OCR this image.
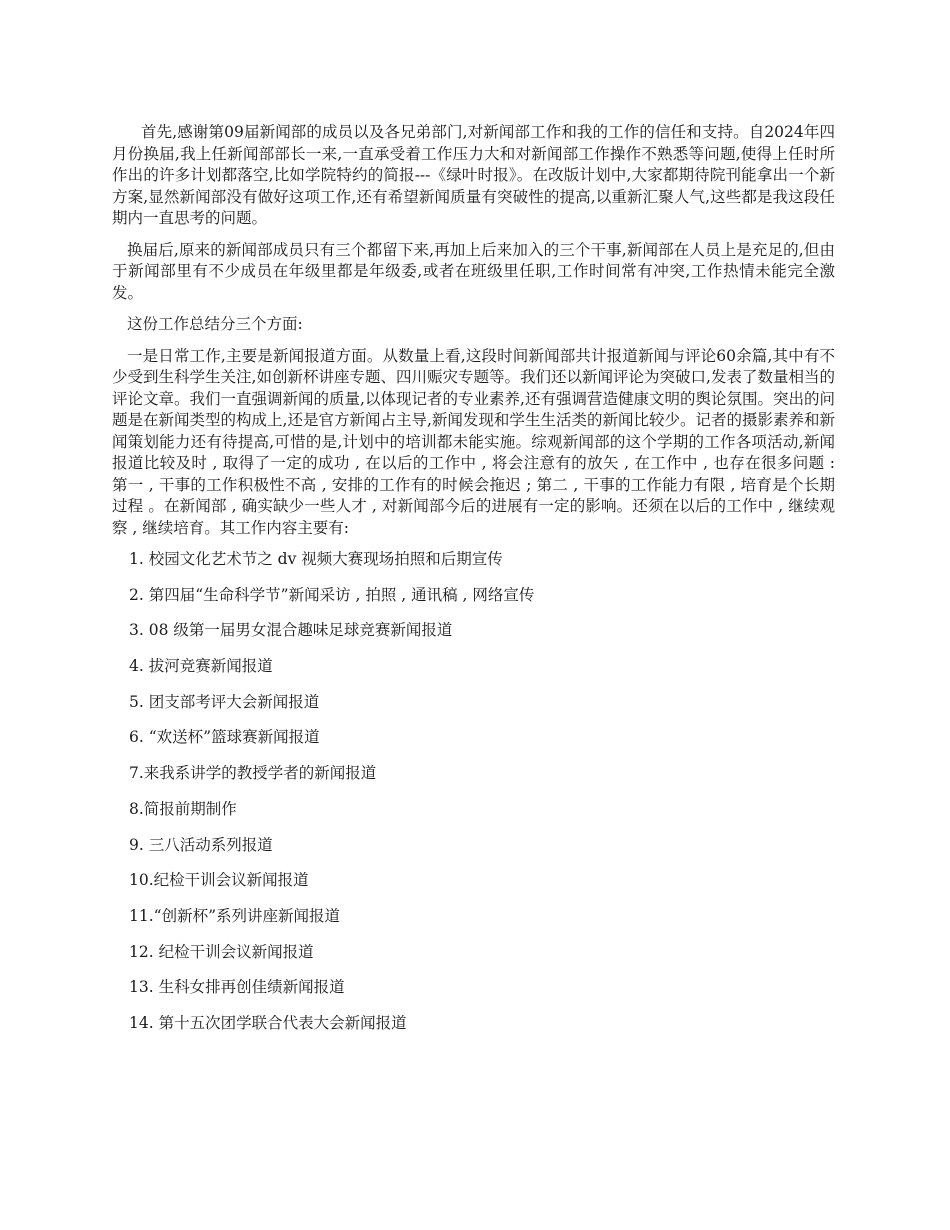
首先,感谢第09届新闻部的成员以及各兄弟部门,对新闻部工作和我的工作的信任和支持。自2024年四月份换届,我上任新闻部部长一来,一直承受着工作压力大和对新闻部工作操作不熟悉等问题,使得上任时所作出的许多计划都落空,比如学院特约的简报---《绿叶时报》。在改版计划中,大家都期待院刊能拿出一个新方案,显然新闻部没有做好这项工作,还有希望新闻质量有突破性的提高,以重新汇聚人气,这些都是我这段任期内一直思考的问题。

换届后,原来的新闻部成员只有三个都留下来,再加上后来加入的三个干事,新闻部在人员上是充足的,但由于新闻部里有不少成员在年级里都是年级委,或者在班级里任职,工作时间常有冲突,工作热情未能完全激发。

这份工作总结分三个方面:

一是日常工作,主要是新闻报道方面。从数量上看,这段时间新闻部共计报道新闻与评论60余篇,其中有不少受到生科学生关注,如创新杯讲座专题、四川赈灾专题等。我们还以新闻评论为突破口,发表了数量相当的评论文章。我们一直强调新闻的质量,以体现记者的专业素养,还有强调营造健康文明的舆论氛围。突出的问题是在新闻类型的构成上,还是官方新闻占主导,新闻发现和学生生活类的新闻比较少。记者的摄影素养和新闻策划能力还有待提高,可惜的是,计划中的培训都未能实施。综观新闻部的这个学期的工作各项活动,新闻报道比较及时 , 取得了一定的成功 , 在以后的工作中 , 将会注意有的放矢 , 在工作中 , 也存在很多问题 : 第一 , 干事的工作积极性不高 , 安排的工作有的时候会拖迟 ; 第二 , 干事的工作能力有限 , 培育是个长期过程 。在新闻部 , 确实缺少一些人才 , 对新闻部今后的进展有一定的影响。还须在以后的工作中 , 继续观察 , 继续培育。其工作内容主要有:

1. 校园文化艺术节之 dv 视频大赛现场拍照和后期宣传
2. 第四届“生命科学节”新闻采访 , 拍照 , 通讯稿 , 网络宣传
3. 08 级第一届男女混合趣味足球竞赛新闻报道
4. 拔河竞赛新闻报道
5. 团支部考评大会新闻报道
6. “欢送杯”篮球赛新闻报道
7.来我系讲学的教授学者的新闻报道
8.简报前期制作
9. 三八活动系列报道
10.纪检干训会议新闻报道
11.“创新杯”系列讲座新闻报道
12. 纪检干训会议新闻报道
13. 生科女排再创佳绩新闻报道
14. 第十五次团学联合代表大会新闻报道
